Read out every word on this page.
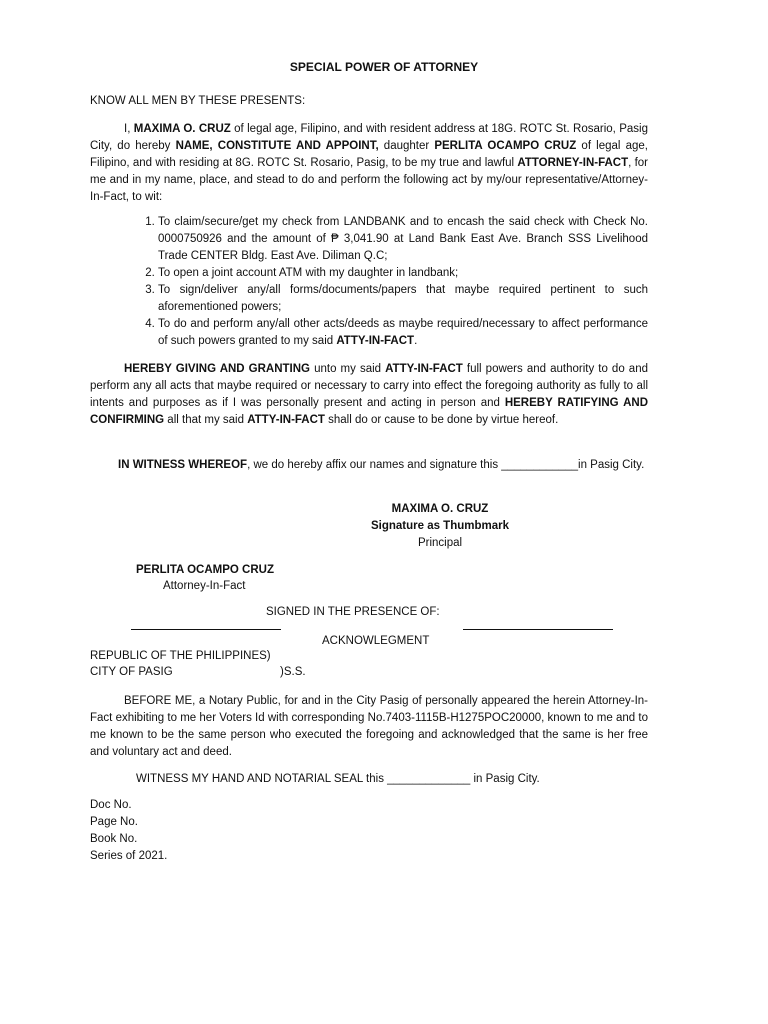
SPECIAL POWER OF ATTORNEY
KNOW ALL MEN BY THESE PRESENTS:
I, MAXIMA O. CRUZ of legal age, Filipino, and with resident address at 18G. ROTC St. Rosario, Pasig City, do hereby NAME, CONSTITUTE AND APPOINT, daughter PERLITA OCAMPO CRUZ of legal age, Filipino, and with residing at 8G. ROTC St. Rosario, Pasig, to be my true and lawful ATTORNEY-IN-FACT, for me and in my name, place, and stead to do and perform the following act by my/our representative/Attorney-In-Fact, to wit:
1. To claim/secure/get my check from LANDBANK and to encash the said check with Check No. 0000750926 and the amount of ₱ 3,041.90 at Land Bank East Ave. Branch SSS Livelihood Trade CENTER Bldg. East Ave. Diliman Q.C;
2. To open a joint account ATM with my daughter in landbank;
3. To sign/deliver any/all forms/documents/papers that maybe required pertinent to such aforementioned powers;
4. To do and perform any/all other acts/deeds as maybe required/necessary to affect performance of such powers granted to my said ATTY-IN-FACT.
HEREBY GIVING AND GRANTING unto my said ATTY-IN-FACT full powers and authority to do and perform any all acts that maybe required or necessary to carry into effect the foregoing authority as fully to all intents and purposes as if I was personally present and acting in person and HEREBY RATIFYING AND CONFIRMING all that my said ATTY-IN-FACT shall do or cause to be done by virtue hereof.
IN WITNESS WHEREOF, we do hereby affix our names and signature this ____________in Pasig City.
MAXIMA O. CRUZ
Signature as Thumbmark
Principal
PERLITA OCAMPO CRUZ
Attorney-In-Fact
SIGNED IN THE PRESENCE OF:
ACKNOWLEGMENT
REPUBLIC OF THE PHILIPPINES)
CITY OF PASIG	)S.S.
BEFORE ME, a Notary Public, for and in the City Pasig of personally appeared the herein Attorney-In-Fact exhibiting to me her Voters Id with corresponding No.7403-1115B-H1275POC20000, known to me and to me known to be the same person who executed the foregoing and acknowledged that the same is her free and voluntary act and deed.
WITNESS MY HAND AND NOTARIAL SEAL this _____________ in Pasig City.
Doc No.
Page No.
Book No.
Series of 2021.
